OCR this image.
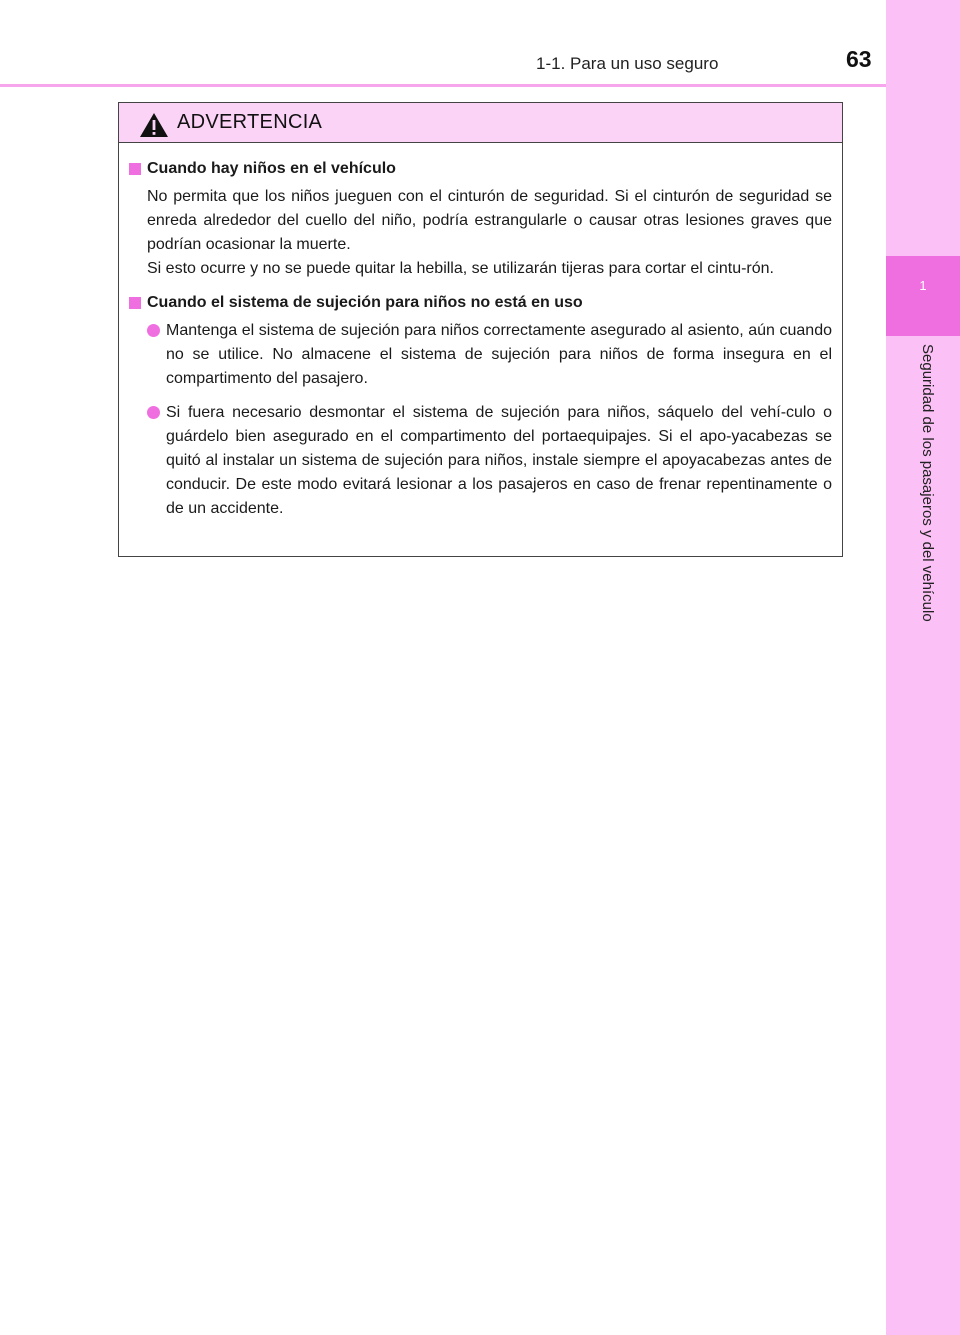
1-1. Para un uso seguro	63
1
Seguridad de los pasajeros y del vehículo
ADVERTENCIA
Cuando hay niños en el vehículo
No permita que los niños jueguen con el cinturón de seguridad. Si el cinturón de seguridad se enreda alrededor del cuello del niño, podría estrangularle o causar otras lesiones graves que podrían ocasionar la muerte.
Si esto ocurre y no se puede quitar la hebilla, se utilizarán tijeras para cortar el cintu-rón.
Cuando el sistema de sujeción para niños no está en uso
Mantenga el sistema de sujeción para niños correctamente asegurado al asiento, aún cuando no se utilice. No almacene el sistema de sujeción para niños de forma insegura en el compartimento del pasajero.
Si fuera necesario desmontar el sistema de sujeción para niños, sáquelo del vehí-culo o guárdelo bien asegurado en el compartimento del portaequipajes. Si el apo-yacabezas se quitó al instalar un sistema de sujeción para niños, instale siempre el apoyacabezas antes de conducir. De este modo evitará lesionar a los pasajeros en caso de frenar repentinamente o de un accidente.
